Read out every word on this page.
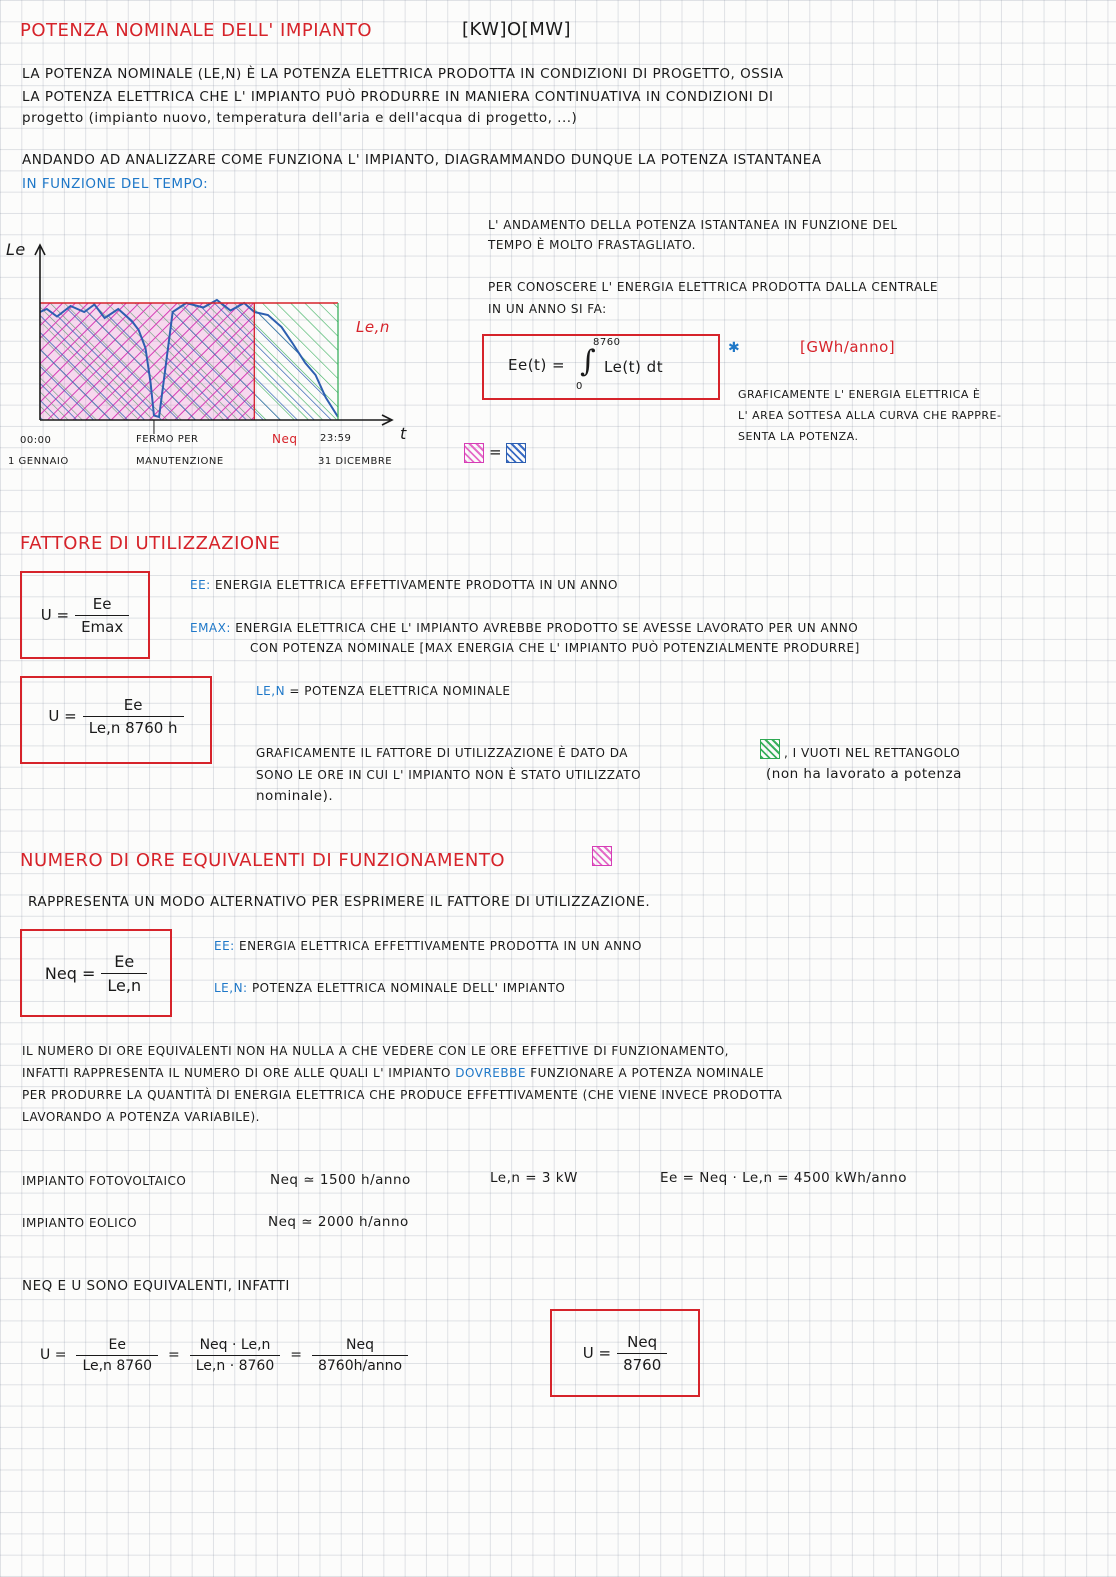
POTENZA NOMINALE DELL' IMPIANTO	[KW]O[MW]
LA POTENZA NOMINALE (LE,N) È LA POTENZA ELETTRICA PRODOTTA IN CONDIZIONI DI PROGETTO, OSSIA
LA POTENZA ELETTRICA CHE L' IMPIANTO PUÒ PRODURRE IN MANIERA CONTINUATIVA IN CONDIZIONI DI
progetto (impianto nuovo, temperatura dell'aria e dell'acqua di progetto, ...)
ANDANDO AD ANALIZZARE COME FUNZIONA L' IMPIANTO, DIAGRAMMANDO DUNQUE LA POTENZA ISTANTANEA
IN FUNZIONE DEL TEMPO:
Le
Le,n
t
00:00
1 GENNAIO
FERMO PER
MANUTENZIONE
Neq 23:59
31 DICEMBRE
=
L' ANDAMENTO DELLA POTENZA ISTANTANEA IN FUNZIONE DEL
TEMPO È MOLTO FRASTAGLIATO.
PER CONOSCERE L' ENERGIA ELETTRICA PRODOTTA DALLA CENTRALE
IN UN ANNO SI FA:
Ee(t) = ∫
8760
0
Le(t) dt
✱	[GWh/anno]
GRAFICAMENTE L' ENERGIA ELETTRICA È
L' AREA SOTTESA ALLA CURVA CHE RAPPRE-
SENTA LA POTENZA.
FATTORE DI UTILIZZAZIONE
$U = \frac{Ee}{Emax}$
$U = \frac{Ee}{Le,n 8760 h}$
EE: ENERGIA ELETTRICA EFFETTIVAMENTE PRODOTTA IN UN ANNO
EMAX: ENERGIA ELETTRICA CHE L' IMPIANTO AVREBBE PRODOTTO SE AVESSE LAVORATO PER UN ANNO
CON POTENZA NOMINALE [MAX ENERGIA CHE L' IMPIANTO PUÒ POTENZIALMENTE PRODURRE]
LE,N = POTENZA ELETTRICA NOMINALE
GRAFICAMENTE IL FATTORE DI UTILIZZAZIONE È DATO DA	, I VUOTI NEL RETTANGOLO
SONO LE ORE IN CUI L' IMPIANTO NON È STATO UTILIZZATO	(non ha lavorato a potenza
nominale).
NUMERO DI ORE EQUIVALENTI DI FUNZIONAMENTO
RAPPRESENTA UN MODO ALTERNATIVO PER ESPRIMERE IL FATTORE DI UTILIZZAZIONE.
Neq = $\frac{Ee}{Le,n}$
EE: ENERGIA ELETTRICA EFFETTIVAMENTE PRODOTTA IN UN ANNO
LE,N: POTENZA ELETTRICA NOMINALE DELL' IMPIANTO
IL NUMERO DI ORE EQUIVALENTI NON HA NULLA A CHE VEDERE CON LE ORE EFFETTIVE DI FUNZIONAMENTO,
INFATTI RAPPRESENTA IL NUMERO DI ORE ALLE QUALI L' IMPIANTO DOVREBBE FUNZIONARE A POTENZA NOMINALE
PER PRODURRE LA QUANTITÀ DI ENERGIA ELETTRICA CHE PRODUCE EFFETTIVAMENTE (CHE VIENE INVECE PRODOTTA
LAVORANDO A POTENZA VARIABILE).
IMPIANTO FOTOVOLTAICO	Neq ≃ 1500 h/anno	Le,n = 3 kW	Ee = Neq · Le,n = 4500 kWh/anno
IMPIANTO EOLICO	Neq ≃ 2000 h/anno
NEQ E U SONO EQUIVALENTI, INFATTI
$U = \frac{Ee}{Le,n 8760} = \frac{\text{Neq · Le,n}}{Le,n \cdot 8760} = \frac{\text{Neq}}{\text{8760h/anno}}$	$U = \frac{\text{Neq}}{8760}$
